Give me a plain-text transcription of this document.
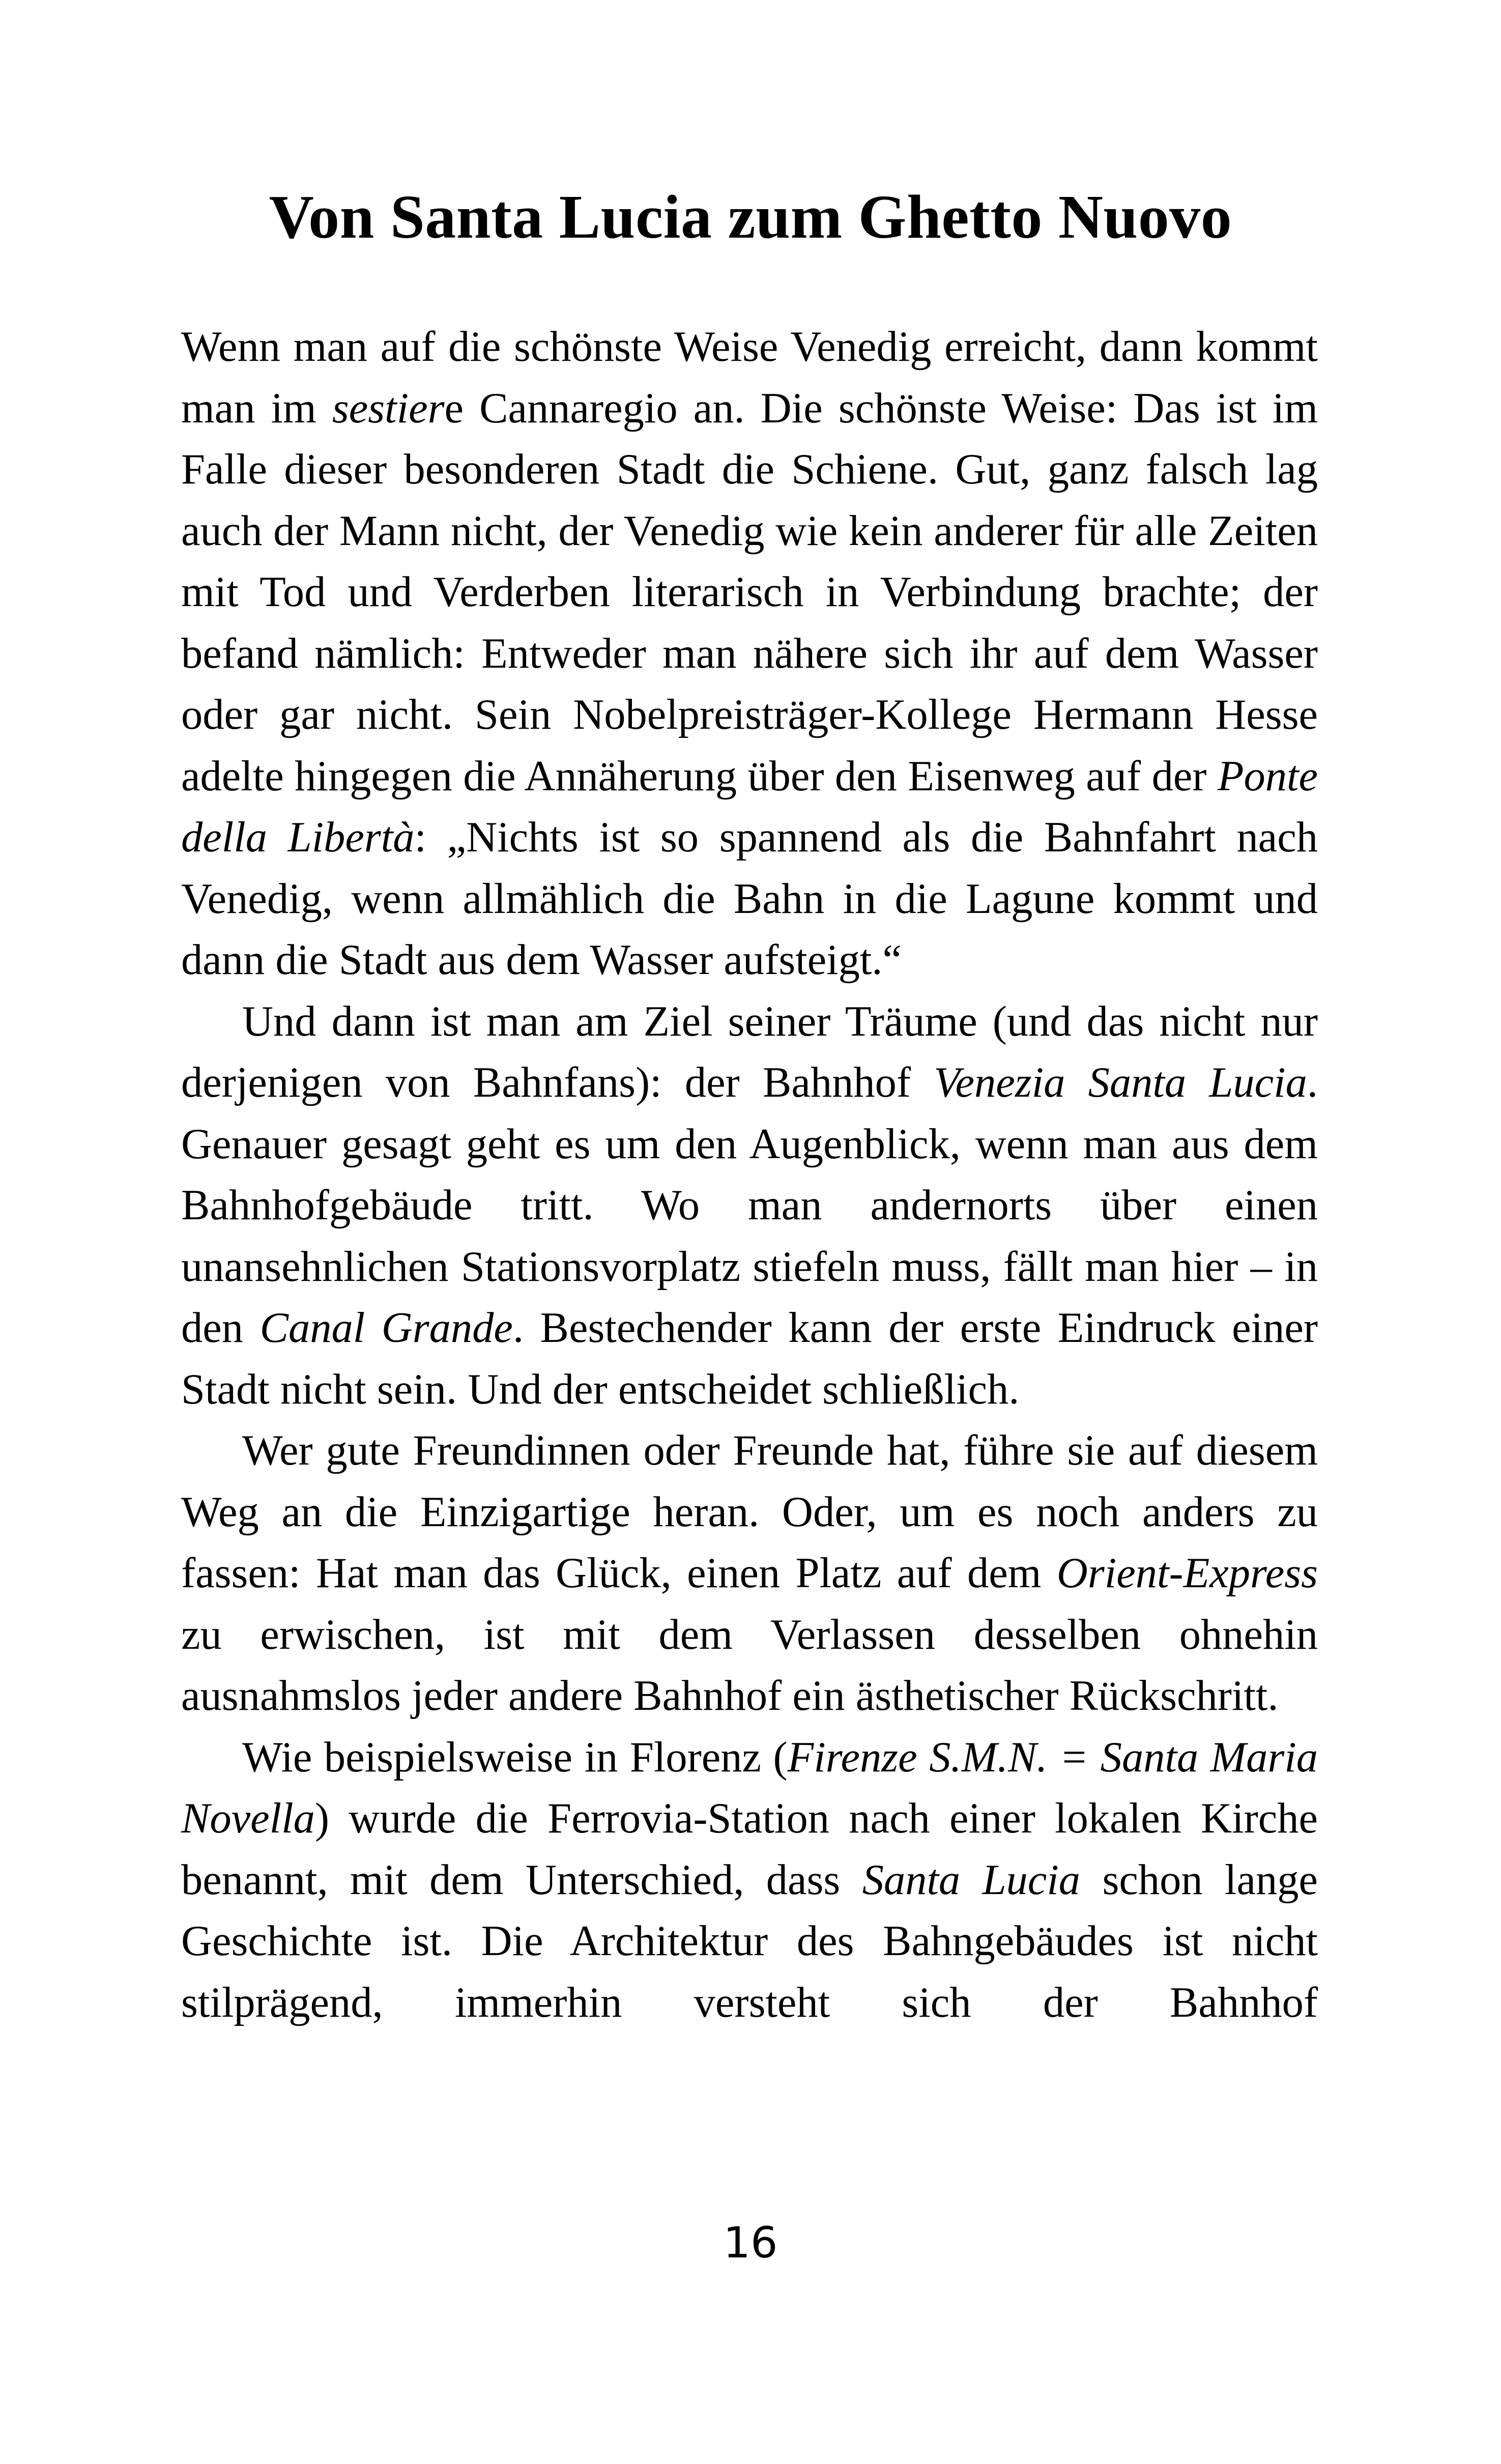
Von Santa Lucia zum Ghetto Nuovo

Wenn man auf die schönste Weise Venedig erreicht, dann kommt man im sestiere Cannaregio an. Die schönste Weise: Das ist im Falle dieser besonderen Stadt die Schiene. Gut, ganz falsch lag auch der Mann nicht, der Venedig wie kein anderer für alle Zeiten mit Tod und Verderben literarisch in Verbindung brachte; der befand nämlich: Entweder man nähere sich ihr auf dem Wasser oder gar nicht. Sein Nobelpreisträger-Kollege Hermann Hesse adelte hingegen die Annäherung über den Eisenweg auf der Ponte della Libertà: „Nichts ist so spannend als die Bahnfahrt nach Venedig, wenn allmählich die Bahn in die Lagune kommt und dann die Stadt aus dem Wasser aufsteigt.“

Und dann ist man am Ziel seiner Träume (und das nicht nur derjenigen von Bahnfans): der Bahnhof Venezia Santa Lucia. Genauer gesagt geht es um den Augenblick, wenn man aus dem Bahnhofgebäude tritt. Wo man andernorts über einen unansehnlichen Stationsvorplatz stiefeln muss, fällt man hier – in den Canal Grande. Bestechender kann der erste Eindruck einer Stadt nicht sein. Und der entscheidet schließlich.

Wer gute Freundinnen oder Freunde hat, führe sie auf diesem Weg an die Einzigartige heran. Oder, um es noch anders zu fassen: Hat man das Glück, einen Platz auf dem Orient-Express zu erwischen, ist mit dem Verlassen desselben ohnehin ausnahmslos jeder andere Bahnhof ein ästhetischer Rückschritt.

Wie beispielsweise in Florenz (Firenze S.M.N. = Santa Maria Novella) wurde die Ferrovia-Station nach einer lokalen Kirche benannt, mit dem Unterschied, dass Santa Lucia schon lange Geschichte ist. Die Architektur des Bahngebäudes ist nicht stilprägend, immerhin versteht sich der Bahnhof

16
